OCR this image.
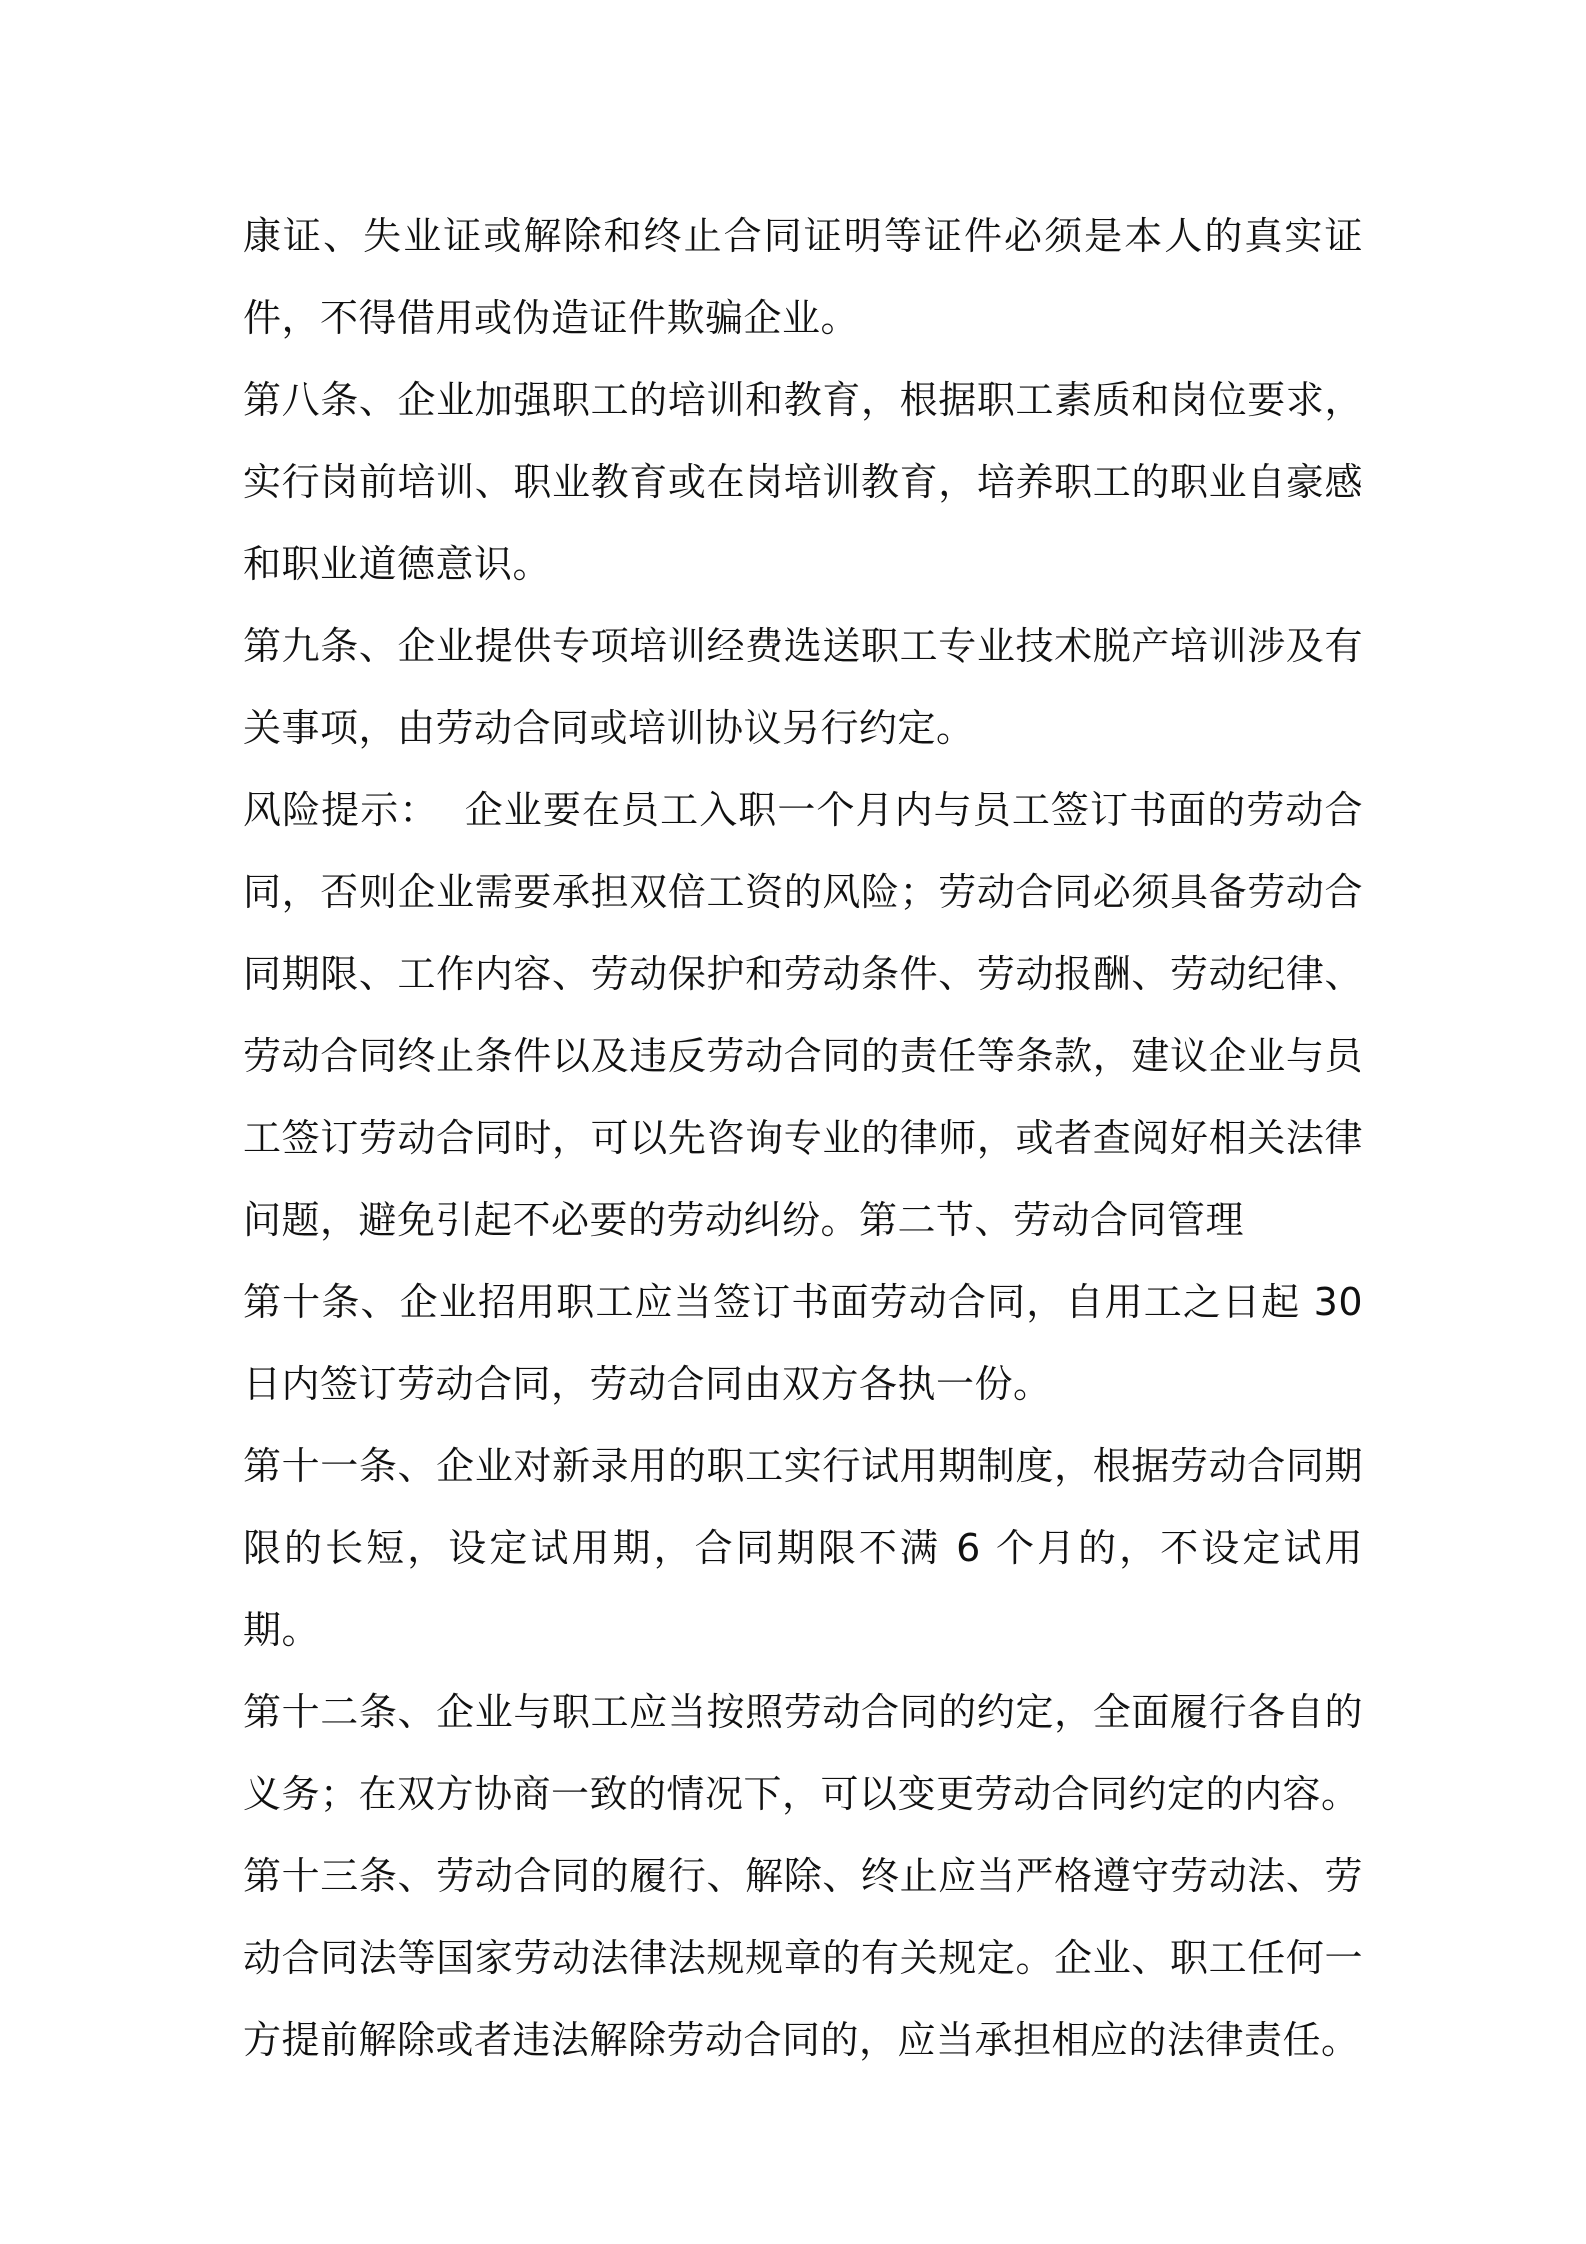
康证、失业证或解除和终止合同证明等证件必须是本人的真实证件，不得借用或伪造证件欺骗企业。

第八条、企业加强职工的培训和教育，根据职工素质和岗位要求，实行岗前培训、职业教育或在岗培训教育，培养职工的职业自豪感和职业道德意识。

第九条、企业提供专项培训经费选送职工专业技术脱产培训涉及有关事项，由劳动合同或培训协议另行约定。

风险提示：  企业要在员工入职一个月内与员工签订书面的劳动合同，否则企业需要承担双倍工资的风险；劳动合同必须具备劳动合同期限、工作内容、劳动保护和劳动条件、劳动报酬、劳动纪律、劳动合同终止条件以及违反劳动合同的责任等条款，建议企业与员工签订劳动合同时，可以先咨询专业的律师，或者查阅好相关法律问题，避免引起不必要的劳动纠纷。第二节、劳动合同管理

第十条、企业招用职工应当签订书面劳动合同，自用工之日起 30 日内签订劳动合同，劳动合同由双方各执一份。

第十一条、企业对新录用的职工实行试用期制度，根据劳动合同期限的长短，设定试用期，合同期限不满 6 个月的，不设定试用期。

第十二条、企业与职工应当按照劳动合同的约定，全面履行各自的义务；在双方协商一致的情况下，可以变更劳动合同约定的内容。

第十三条、劳动合同的履行、解除、终止应当严格遵守劳动法、劳动合同法等国家劳动法律法规规章的有关规定。企业、职工任何一方提前解除或者违法解除劳动合同的，应当承担相应的法律责任。
